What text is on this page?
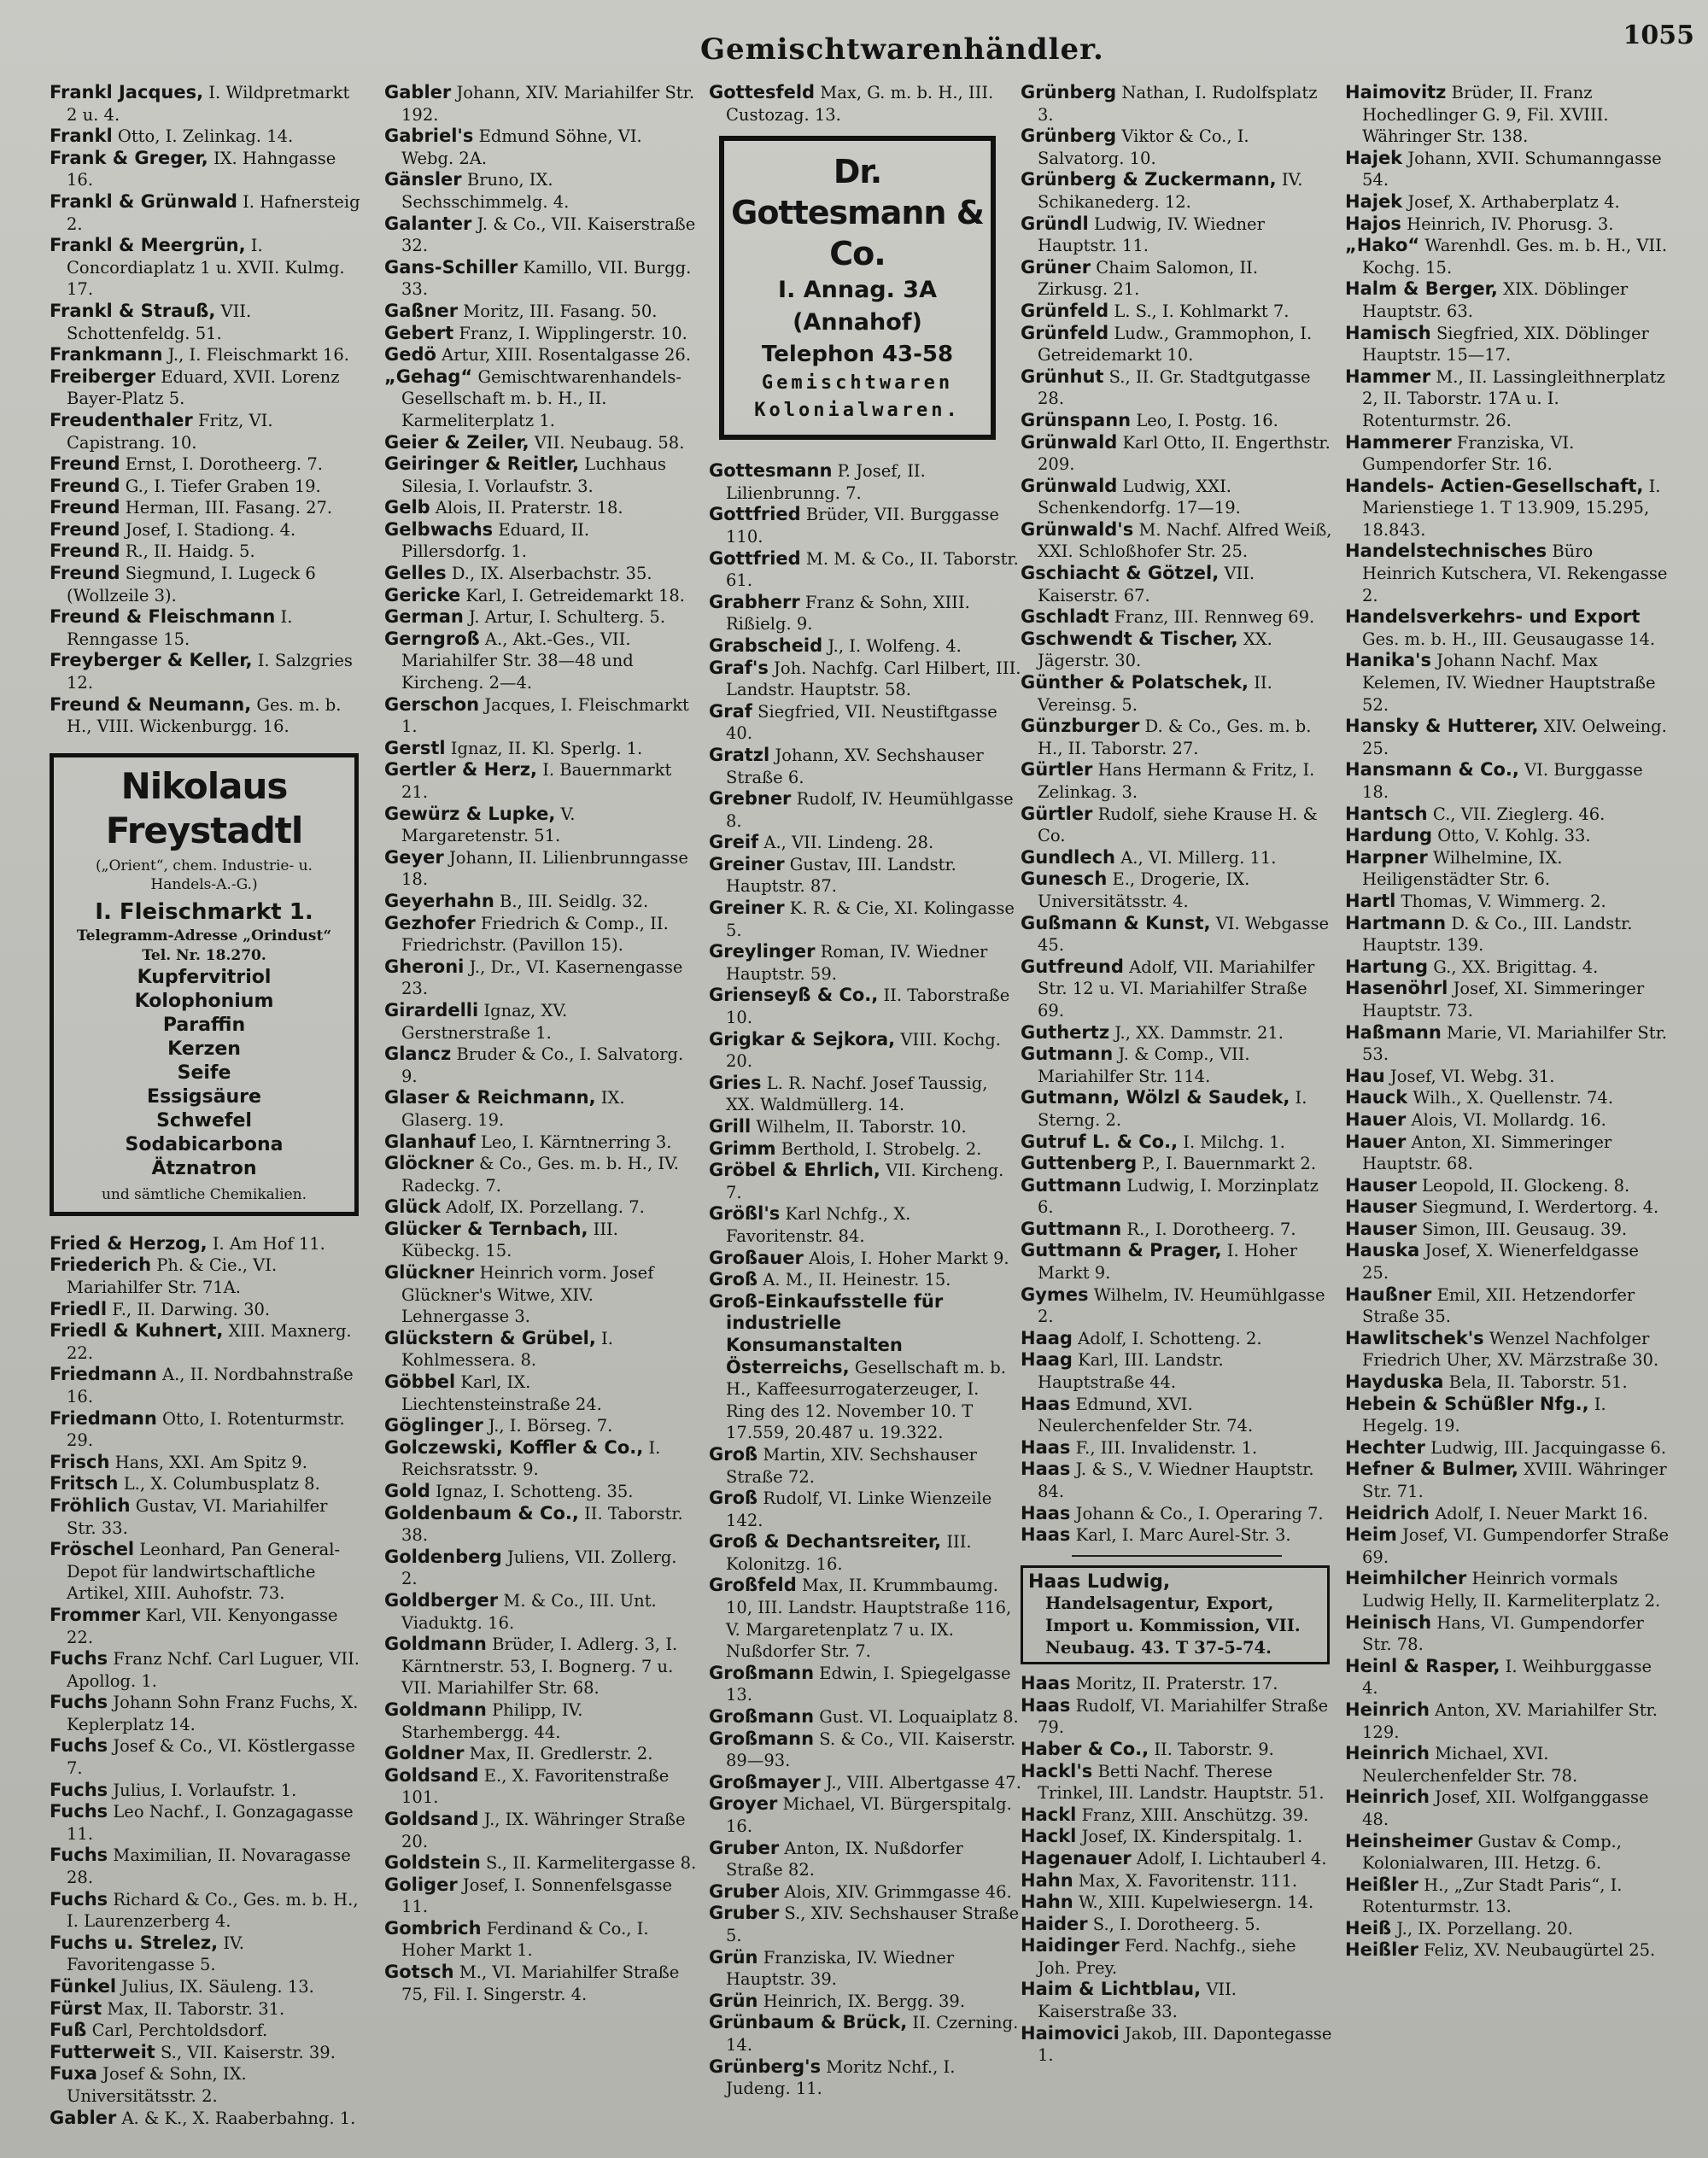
Gemischtwarenhändler.	1055

Frankl Jacques, I. Wildpretmarkt 2 u. 4.

Frankl Otto, I. Zelinkag. 14.

Frank & Greger, IX. Hahngasse 16.

Frankl & Grünwald I. Hafnersteig 2.

Frankl & Meergrün, I. Concordiaplatz 1 u. XVII. Kulmg. 17.

Frankl & Strauß, VII. Schottenfeldg. 51.

Frankmann J., I. Fleischmarkt 16.

Freiberger Eduard, XVII. Lorenz Bayer-Platz 5.

Freudenthaler Fritz, VI. Capistrang. 10.

Freund Ernst, I. Dorotheerg. 7.

Freund G., I. Tiefer Graben 19.

Freund Herman, III. Fasang. 27.

Freund Josef, I. Stadiong. 4.

Freund R., II. Haidg. 5.

Freund Siegmund, I. Lugeck 6 (Wollzeile 3).

Freund & Fleischmann I. Renngasse 15.

Freyberger & Keller, I. Salzgries 12.

Freund & Neumann, Ges. m. b. H., VIII. Wickenburgg. 16.

Nikolaus Freystadtl
(„Orient“, chem. Industrie- u. Handels-A.-G.)
I. Fleischmarkt 1.
Telegramm-Adresse „Orindust“
Tel. Nr. 18.270.
Kupfervitriol
Kolophonium
Paraffin
Kerzen
Seife
Essigsäure
Schwefel
Sodabicarbona
Ätznatron
und sämtliche Chemikalien.

Fried & Herzog, I. Am Hof 11.

Friederich Ph. & Cie., VI. Mariahilfer Str. 71A.

Friedl F., II. Darwing. 30.

Friedl & Kuhnert, XIII. Maxnerg. 22.

Friedmann A., II. Nordbahnstraße 16.

Friedmann Otto, I. Rotenturmstr. 29.

Frisch Hans, XXI. Am Spitz 9.

Fritsch L., X. Columbusplatz 8.

Fröhlich Gustav, VI. Mariahilfer Str. 33.

Fröschel Leonhard, Pan General-Depot für landwirtschaftliche Artikel, XIII. Auhofstr. 73.

Frommer Karl, VII. Kenyongasse 22.

Fuchs Franz Nchf. Carl Luguer, VII. Apollog. 1.

Fuchs Johann Sohn Franz Fuchs, X. Keplerplatz 14.

Fuchs Josef & Co., VI. Köstlergasse 7.

Fuchs Julius, I. Vorlaufstr. 1.

Fuchs Leo Nachf., I. Gonzagagasse 11.

Fuchs Maximilian, II. Novaragasse 28.

Fuchs Richard & Co., Ges. m. b. H., I. Laurenzerberg 4.

Fuchs u. Strelez, IV. Favoritengasse 5.

Fünkel Julius, IX. Säuleng. 13.

Fürst Max, II. Taborstr. 31.

Fuß Carl, Perchtoldsdorf.

Futterweit S., VII. Kaiserstr. 39.

Fuxa Josef & Sohn, IX. Universitätsstr. 2.

Gabler A. & K., X. Raaberbahng. 1.

Gabler Johann, XIV. Mariahilfer Str. 192.

Gabriel's Edmund Söhne, VI. Webg. 2A.

Gänsler Bruno, IX. Sechsschimmelg. 4.

Galanter J. & Co., VII. Kaiserstraße 32.

Gans-Schiller Kamillo, VII. Burgg. 33.

Gaßner Moritz, III. Fasang. 50.

Gebert Franz, I. Wipplingerstr. 10.

Gedö Artur, XIII. Rosentalgasse 26.

„Gehag“ Gemischtwarenhandels-Gesellschaft m. b. H., II. Karmeliterplatz 1.

Geier & Zeiler, VII. Neubaug. 58.

Geiringer & Reitler, Luchhaus Silesia, I. Vorlaufstr. 3.

Gelb Alois, II. Praterstr. 18.

Gelbwachs Eduard, II. Pillersdorfg. 1.

Gelles D., IX. Alserbachstr. 35.

Gericke Karl, I. Getreidemarkt 18.

German J. Artur, I. Schulterg. 5.

Gerngroß A., Akt.-Ges., VII. Mariahilfer Str. 38—48 und Kircheng. 2—4.

Gerschon Jacques, I. Fleischmarkt 1.

Gerstl Ignaz, II. Kl. Sperlg. 1.

Gertler & Herz, I. Bauernmarkt 21.

Gewürz & Lupke, V. Margaretenstr. 51.

Geyer Johann, II. Lilienbrunngasse 18.

Geyerhahn B., III. Seidlg. 32.

Gezhofer Friedrich & Comp., II. Friedrichstr. (Pavillon 15).

Gheroni J., Dr., VI. Kasernengasse 23.

Girardelli Ignaz, XV. Gerstnerstraße 1.

Glancz Bruder & Co., I. Salvatorg. 9.

Glaser & Reichmann, IX. Glaserg. 19.

Glanhauf Leo, I. Kärntnerring 3.

Glöckner & Co., Ges. m. b. H., IV. Radeckg. 7.

Glück Adolf, IX. Porzellang. 7.

Glücker & Ternbach, III. Kübeckg. 15.

Glückner Heinrich vorm. Josef Glückner's Witwe, XIV. Lehnergasse 3.

Glückstern & Grübel, I. Kohlmessera. 8.

Göbbel Karl, IX. Liechtensteinstraße 24.

Göglinger J., I. Börseg. 7.

Golczewski, Koffler & Co., I. Reichsratsstr. 9.

Gold Ignaz, I. Schotteng. 35.

Goldenbaum & Co., II. Taborstr. 38.

Goldenberg Juliens, VII. Zollerg. 2.

Goldberger M. & Co., III. Unt. Viaduktg. 16.

Goldmann Brüder, I. Adlerg. 3, I. Kärntnerstr. 53, I. Bognerg. 7 u. VII. Mariahilfer Str. 68.

Goldmann Philipp, IV. Starhembergg. 44.

Goldner Max, II. Gredlerstr. 2.

Goldsand E., X. Favoritenstraße 101.

Goldsand J., IX. Währinger Straße 20.

Goldstein S., II. Karmelitergasse 8.

Goliger Josef, I. Sonnenfelsgasse 11.

Gombrich Ferdinand & Co., I. Hoher Markt 1.

Gotsch M., VI. Mariahilfer Straße 75, Fil. I. Singerstr. 4.

Gottesfeld Max, G. m. b. H., III. Custozag. 13.

Dr. Gottesmann & Co.
I. Annag. 3A (Annahof)
Telephon 43-58
Gemischtwaren
Kolonialwaren.

Gottesmann P. Josef, II. Lilienbrunng. 7.

Gottfried Brüder, VII. Burggasse 110.

Gottfried M. M. & Co., II. Taborstr. 61.

Grabherr Franz & Sohn, XIII. Rißielg. 9.

Grabscheid J., I. Wolfeng. 4.

Graf's Joh. Nachfg. Carl Hilbert, III. Landstr. Hauptstr. 58.

Graf Siegfried, VII. Neustiftgasse 40.

Gratzl Johann, XV. Sechshauser Straße 6.

Grebner Rudolf, IV. Heumühlgasse 8.

Greif A., VII. Lindeng. 28.

Greiner Gustav, III. Landstr. Hauptstr. 87.

Greiner K. R. & Cie, XI. Kolingasse 5.

Greylinger Roman, IV. Wiedner Hauptstr. 59.

Grienseyß & Co., II. Taborstraße 10.

Grigkar & Sejkora, VIII. Kochg. 20.

Gries L. R. Nachf. Josef Taussig, XX. Waldmüllerg. 14.

Grill Wilhelm, II. Taborstr. 10.

Grimm Berthold, I. Strobelg. 2.

Gröbel & Ehrlich, VII. Kircheng. 7.

Größl's Karl Nchfg., X. Favoritenstr. 84.

Großauer Alois, I. Hoher Markt 9.

Groß A. M., II. Heinestr. 15.

Groß-Einkaufsstelle für industrielle Konsumanstalten Österreichs, Gesellschaft m. b. H., Kaffeesurrogaterzeuger, I. Ring des 12. November 10. T 17.559, 20.487 u. 19.322.

Groß Martin, XIV. Sechshauser Straße 72.

Groß Rudolf, VI. Linke Wienzeile 142.

Groß & Dechantsreiter, III. Kolonitzg. 16.

Großfeld Max, II. Krummbaumg. 10, III. Landstr. Hauptstraße 116, V. Margaretenplatz 7 u. IX. Nußdorfer Str. 7.

Großmann Edwin, I. Spiegelgasse 13.

Großmann Gust. VI. Loquaiplatz 8.

Großmann S. & Co., VII. Kaiserstr. 89—93.

Großmayer J., VIII. Albertgasse 47.

Groyer Michael, VI. Bürgerspitalg. 16.

Gruber Anton, IX. Nußdorfer Straße 82.

Gruber Alois, XIV. Grimmgasse 46.

Gruber S., XIV. Sechshauser Straße 5.

Grün Franziska, IV. Wiedner Hauptstr. 39.

Grün Heinrich, IX. Bergg. 39.

Grünbaum & Brück, II. Czerning. 14.

Grünberg's Moritz Nchf., I. Judeng. 11.

Grünberg Nathan, I. Rudolfsplatz 3.

Grünberg Viktor & Co., I. Salvatorg. 10.

Grünberg & Zuckermann, IV. Schikanederg. 12.

Gründl Ludwig, IV. Wiedner Hauptstr. 11.

Grüner Chaim Salomon, II. Zirkusg. 21.

Grünfeld L. S., I. Kohlmarkt 7.

Grünfeld Ludw., Grammophon, I. Getreidemarkt 10.

Grünhut S., II. Gr. Stadtgutgasse 28.

Grünspann Leo, I. Postg. 16.

Grünwald Karl Otto, II. Engerthstr. 209.

Grünwald Ludwig, XXI. Schenkendorfg. 17—19.

Grünwald's M. Nachf. Alfred Weiß, XXI. Schloßhofer Str. 25.

Gschiacht & Götzel, VII. Kaiserstr. 67.

Gschladt Franz, III. Rennweg 69.

Gschwendt & Tischer, XX. Jägerstr. 30.

Günther & Polatschek, II. Vereinsg. 5.

Günzburger D. & Co., Ges. m. b. H., II. Taborstr. 27.

Gürtler Hans Hermann & Fritz, I. Zelinkag. 3.

Gürtler Rudolf, siehe Krause H. & Co.

Gundlech A., VI. Millerg. 11.

Gunesch E., Drogerie, IX. Universitätsstr. 4.

Gußmann & Kunst, VI. Webgasse 45.

Gutfreund Adolf, VII. Mariahilfer Str. 12 u. VI. Mariahilfer Straße 69.

Guthertz J., XX. Dammstr. 21.

Gutmann J. & Comp., VII. Mariahilfer Str. 114.

Gutmann, Wölzl & Saudek, I. Sterng. 2.

Gutruf L. & Co., I. Milchg. 1.

Guttenberg P., I. Bauernmarkt 2.

Guttmann Ludwig, I. Morzinplatz 6.

Guttmann R., I. Dorotheerg. 7.

Guttmann & Prager, I. Hoher Markt 9.

Gymes Wilhelm, IV. Heumühlgasse 2.

Haag Adolf, I. Schotteng. 2.

Haag Karl, III. Landstr. Hauptstraße 44.

Haas Edmund, XVI. Neulerchenfelder Str. 74.

Haas F., III. Invalidenstr. 1.

Haas J. & S., V. Wiedner Hauptstr. 84.

Haas Johann & Co., I. Operaring 7.

Haas Karl, I. Marc Aurel-Str. 3.

Haas Ludwig, Handelsagentur, Export, Import u. Kommission, VII. Neubaug. 43. T 37-5-74.

Haas Moritz, II. Praterstr. 17.

Haas Rudolf, VI. Mariahilfer Straße 79.

Haber & Co., II. Taborstr. 9.

Hackl's Betti Nachf. Therese Trinkel, III. Landstr. Hauptstr. 51.

Hackl Franz, XIII. Anschützg. 39.

Hackl Josef, IX. Kinderspitalg. 1.

Hagenauer Adolf, I. Lichtauberl 4.

Hahn Max, X. Favoritenstr. 111.

Hahn W., XIII. Kupelwiesergn. 14.

Haider S., I. Dorotheerg. 5.

Haidinger Ferd. Nachfg., siehe Joh. Prey.

Haim & Lichtblau, VII. Kaiserstraße 33.

Haimovici Jakob, III. Dapontegasse 1.

Haimovitz Brüder, II. Franz Hochedlinger G. 9, Fil. XVIII. Währinger Str. 138.

Hajek Johann, XVII. Schumanngasse 54.

Hajek Josef, X. Arthaberplatz 4.

Hajos Heinrich, IV. Phorusg. 3.

„Hako“ Warenhdl. Ges. m. b. H., VII. Kochg. 15.

Halm & Berger, XIX. Döblinger Hauptstr. 63.

Hamisch Siegfried, XIX. Döblinger Hauptstr. 15—17.

Hammer M., II. Lassingleithnerplatz 2, II. Taborstr. 17A u. I. Rotenturmstr. 26.

Hammerer Franziska, VI. Gumpendorfer Str. 16.

Handels- Actien-Gesellschaft, I. Marienstiege 1. T 13.909, 15.295, 18.843.

Handelstechnisches Büro Heinrich Kutschera, VI. Rekengasse 2.

Handelsverkehrs- und Export Ges. m. b. H., III. Geusaugasse 14.

Hanika's Johann Nachf. Max Kelemen, IV. Wiedner Hauptstraße 52.

Hansky & Hutterer, XIV. Oelweing. 25.

Hansmann & Co., VI. Burggasse 18.

Hantsch C., VII. Zieglerg. 46.

Hardung Otto, V. Kohlg. 33.

Harpner Wilhelmine, IX. Heiligenstädter Str. 6.

Hartl Thomas, V. Wimmerg. 2.

Hartmann D. & Co., III. Landstr. Hauptstr. 139.

Hartung G., XX. Brigittag. 4.

Hasenöhrl Josef, XI. Simmeringer Hauptstr. 73.

Haßmann Marie, VI. Mariahilfer Str. 53.

Hau Josef, VI. Webg. 31.

Hauck Wilh., X. Quellenstr. 74.

Hauer Alois, VI. Mollardg. 16.

Hauer Anton, XI. Simmeringer Hauptstr. 68.

Hauser Leopold, II. Glockeng. 8.

Hauser Siegmund, I. Werdertorg. 4.

Hauser Simon, III. Geusaug. 39.

Hauska Josef, X. Wienerfeldgasse 25.

Haußner Emil, XII. Hetzendorfer Straße 35.

Hawlitschek's Wenzel Nachfolger Friedrich Uher, XV. Märzstraße 30.

Hayduska Bela, II. Taborstr. 51.

Hebein & Schüßler Nfg., I. Hegelg. 19.

Hechter Ludwig, III. Jacquingasse 6.

Hefner & Bulmer, XVIII. Währinger Str. 71.

Heidrich Adolf, I. Neuer Markt 16.

Heim Josef, VI. Gumpendorfer Straße 69.

Heimhilcher Heinrich vormals Ludwig Helly, II. Karmeliterplatz 2.

Heinisch Hans, VI. Gumpendorfer Str. 78.

Heinl & Rasper, I. Weihburggasse 4.

Heinrich Anton, XV. Mariahilfer Str. 129.

Heinrich Michael, XVI. Neulerchenfelder Str. 78.

Heinrich Josef, XII. Wolfganggasse 48.

Heinsheimer Gustav & Comp., Kolonialwaren, III. Hetzg. 6.

Heißler H., „Zur Stadt Paris“, I. Rotenturmstr. 13.

Heiß J., IX. Porzellang. 20.

Heißler Feliz, XV. Neubaugürtel 25.
